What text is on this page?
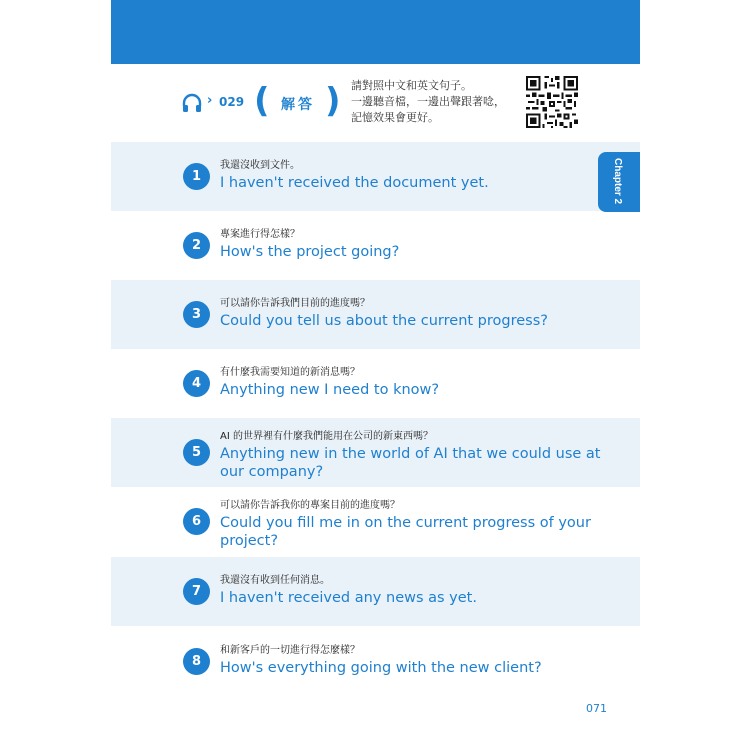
› 029 ( 解答 ) 請對照中文和英文句子。
一邊聽音檔，一邊出聲跟著唸，
記憶效果會更好。
1
我還沒收到文件。
I haven't received the document yet.
2
專案進行得怎樣？
How's the project going?
3
可以請你告訴我們目前的進度嗎？
Could you tell us about the current progress?
4
有什麼我需要知道的新消息嗎？
Anything new I need to know?
5
AI 的世界裡有什麼我們能用在公司的新東西嗎？
Anything new in the world of AI that we could use at our company?
6
可以請你告訴我你的專案目前的進度嗎？
Could you fill me in on the current progress of your project?
7
我還沒有收到任何消息。
I haven't received any news as yet.
8
和新客戶的一切進行得怎麼樣？
How's everything going with the new client?
Chapter 2
071
